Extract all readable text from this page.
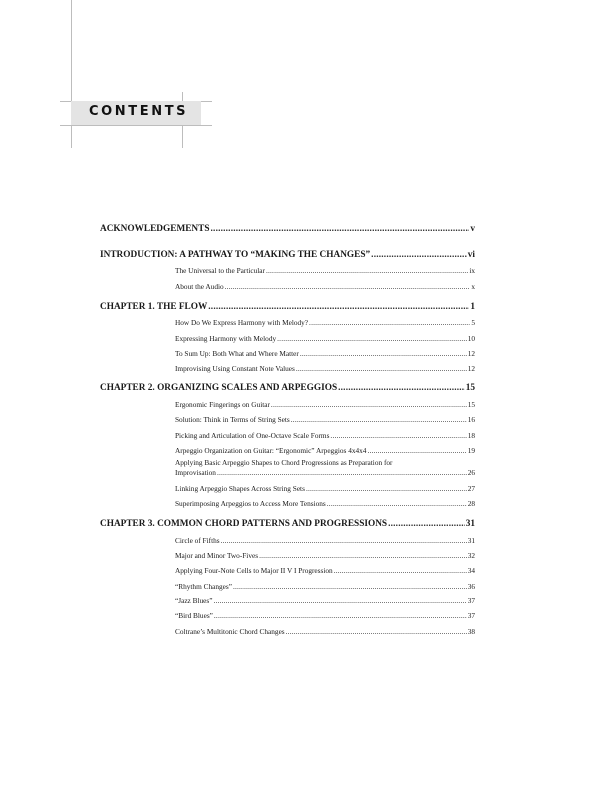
CONTENTS
ACKNOWLEDGEMENTS .....	v
INTRODUCTION: A PATHWAY TO “MAKING THE CHANGES” .....	vi
The Universal to the Particular .....	ix
About the Audio .....	x
CHAPTER 1. THE FLOW .....	1
How Do We Express Harmony with Melody? .....	5
Expressing Harmony with Melody .....	10
To Sum Up: Both What and Where Matter .....	12
Improvising Using Constant Note Values .....	12
CHAPTER 2. ORGANIZING SCALES AND ARPEGGIOS .....	15
Ergonomic Fingerings on Guitar .....	15
Solution: Think in Terms of String Sets .....	16
Picking and Articulation of One-Octave Scale Forms .....	18
Arpeggio Organization on Guitar: “Ergonomic” Arpeggios 4x4x4 .....	19
Applying Basic Arpeggio Shapes to Chord Progressions as Preparation for
Improvisation .....	26
Linking Arpeggio Shapes Across String Sets .....	27
Superimposing Arpeggios to Access More Tensions .....	28
CHAPTER 3. COMMON CHORD PATTERNS AND PROGRESSIONS .....	31
Circle of Fifths .....	31
Major and Minor Two-Fives .....	32
Applying Four-Note Cells to Major II V I Progression .....	34
“Rhythm Changes” .....	36
“Jazz Blues” .....	37
“Bird Blues” .....	37
Coltrane’s Multitonic Chord Changes .....	38
